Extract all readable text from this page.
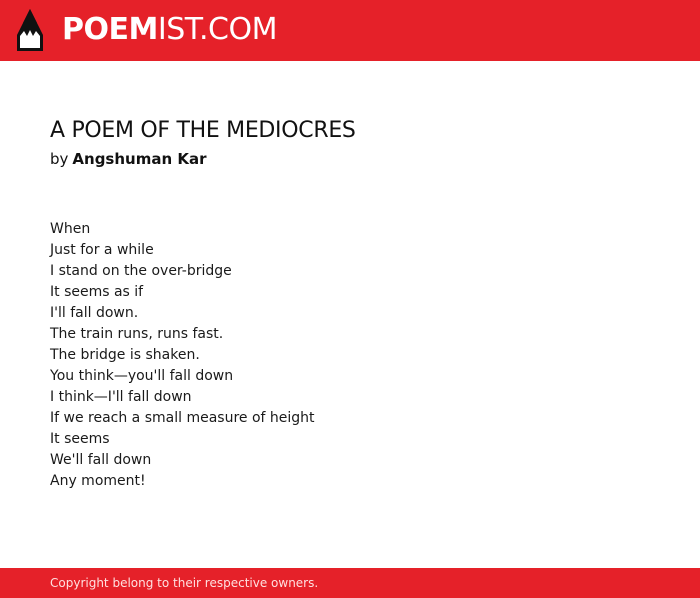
POEMIST.COM
A POEM OF THE MEDIOCRES
by Angshuman Kar
When
Just for a while
I stand on the over-bridge
It seems as if
I'll fall down.
The train runs, runs fast.
The bridge is shaken.
You think—you'll fall down
I think—I'll fall down
If we reach a small measure of height
It seems
We'll fall down
Any moment!
Copyright belong to their respective owners.
